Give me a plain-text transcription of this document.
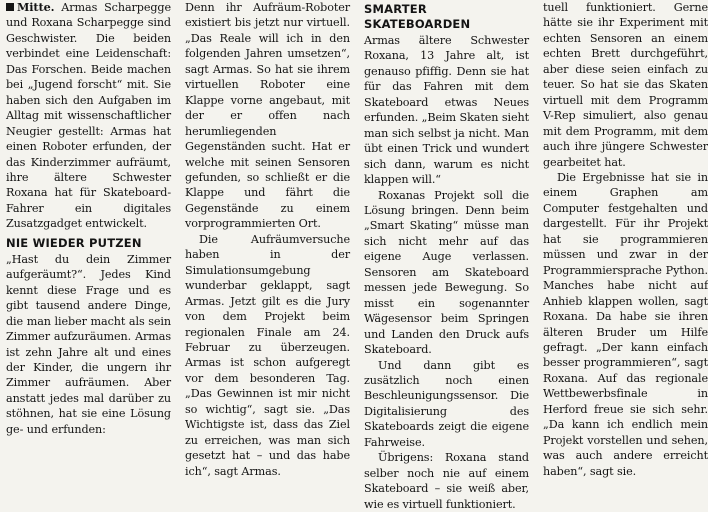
Mitte. Armas Scharpegge und Roxana Scharpegge sind Geschwister. Die beiden verbindet eine Leidenschaft: Das Forschen. Beide machen bei „Jugend forscht“ mit. Sie haben sich den Aufgaben im Alltag mit wissenschaftlicher Neugier gestellt: Armas hat einen Roboter erfunden, der das Kinderzimmer aufräumt, ihre ältere Schwester Roxana hat für Skateboard-Fahrer ein digitales Zusatzgadget entwickelt.

NIE WIEDER PUTZEN

„Hast du dein Zimmer aufgeräumt?“. Jedes Kind kennt diese Frage und es gibt tausend andere Dinge, die man lieber macht als sein Zimmer aufzuräumen. Armas ist zehn Jahre alt und eines der Kinder, die ungern ihr Zimmer aufräumen. Aber anstatt jedes mal darüber zu stöhnen, hat sie eine Lösung ge- und erfunden:

Denn ihr Aufräum-Roboter existiert bis jetzt nur virtuell. „Das Reale will ich in den folgenden Jahren umsetzen“, sagt Armas. So hat sie ihrem virtuellen Roboter eine Klappe vorne angebaut, mit der er offen nach herumliegenden Gegenständen sucht. Hat er welche mit seinen Sensoren gefunden, so schließt er die Klappe und fährt die Gegenstände zu einem vorprogrammierten Ort.

Die Aufräumversuche haben in der Simulationsumgebung wunderbar geklappt, sagt Armas. Jetzt gilt es die Jury von dem Projekt beim regionalen Finale am 24. Februar zu überzeugen. Armas ist schon aufgeregt vor dem besonderen Tag. „Das Gewinnen ist mir nicht so wichtig“, sagt sie. „Das Wichtigste ist, dass das Ziel zu erreichen, was man sich gesetzt hat – und das habe ich“, sagt Armas.

SMARTER SKATEBOARDEN

Armas ältere Schwester Roxana, 13 Jahre alt, ist genauso pfiffig. Denn sie hat für das Fahren mit dem Skateboard etwas Neues erfunden. „Beim Skaten sieht man sich selbst ja nicht. Man übt einen Trick und wundert sich dann, warum es nicht klappen will.“

Roxanas Projekt soll die Lösung bringen. Denn beim „Smart Skating“ müsse man sich nicht mehr auf das eigene Auge verlassen. Sensoren am Skateboard messen jede Bewegung. So misst ein sogenannter Wägesensor beim Springen und Landen den Druck aufs Skateboard.

Und dann gibt es zusätzlich noch einen Beschleunigungssensor. Die Digitalisierung des Skateboards zeigt die eigene Fahrweise.

Übrigens: Roxana stand selber noch nie auf einem Skateboard – sie weiß aber, wie es virtuell funktioniert.

tuell funktioniert. Gerne hätte sie ihr Experiment mit echten Sensoren an einem echten Brett durchgeführt, aber diese seien einfach zu teuer. So hat sie das Skaten virtuell mit dem Programm V-Rep simuliert, also genau mit dem Programm, mit dem auch ihre jüngere Schwester gearbeitet hat.

Die Ergebnisse hat sie in einem Graphen am Computer festgehalten und dargestellt. Für ihr Projekt hat sie programmieren müssen und zwar in der Programmiersprache Python. Manches habe nicht auf Anhieb klappen wollen, sagt Roxana. Da habe sie ihren älteren Bruder um Hilfe gefragt. „Der kann einfach besser programmieren“, sagt Roxana. Auf das regionale Wettbewerbsfinale in Herford freue sie sich sehr. „Da kann ich endlich mein Projekt vorstellen und sehen, was auch andere erreicht haben“, sagt sie.
